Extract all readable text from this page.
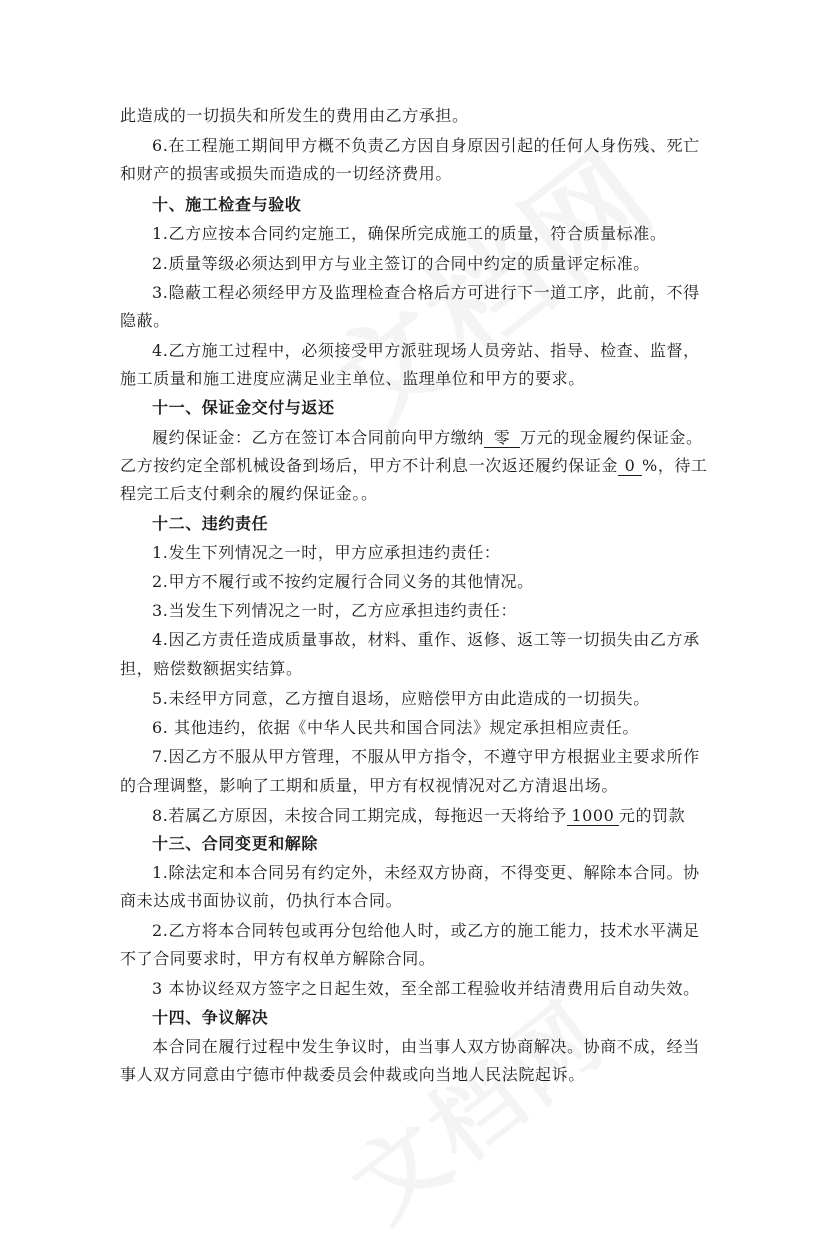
此造成的一切损失和所发生的费用由乙方承担。
6.在工程施工期间甲方概不负责乙方因自身原因引起的任何人身伤残、死亡
和财产的损害或损失而造成的一切经济费用。
十、施工检查与验收
1.乙方应按本合同约定施工，确保所完成施工的质量，符合质量标准。
2.质量等级必须达到甲方与业主签订的合同中约定的质量评定标准。
3.隐蔽工程必须经甲方及监理检查合格后方可进行下一道工序，此前，不得
隐蔽。
4.乙方施工过程中，必须接受甲方派驻现场人员旁站、指导、检查、监督，
施工质量和施工进度应满足业主单位、监理单位和甲方的要求。
十一、保证金交付与返还
履约保证金：乙方在签订本合同前向甲方缴纳 零 万元的现金履约保证金。
乙方按约定全部机械设备到场后，甲方不计利息一次返还履约保证金 0 %，待工
程完工后支付剩余的履约保证金。。
十二、违约责任
1.发生下列情况之一时，甲方应承担违约责任：
2.甲方不履行或不按约定履行合同义务的其他情况。
3.当发生下列情况之一时，乙方应承担违约责任：
4.因乙方责任造成质量事故，材料、重作、返修、返工等一切损失由乙方承
担，赔偿数额据实结算。
5.未经甲方同意，乙方擅自退场，应赔偿甲方由此造成的一切损失。
6. 其他违约，依据《中华人民共和国合同法》规定承担相应责任。
7.因乙方不服从甲方管理，不服从甲方指令，不遵守甲方根据业主要求所作
的合理调整，影响了工期和质量，甲方有权视情况对乙方清退出场。
8.若属乙方原因，未按合同工期完成，每拖迟一天将给予 1000 元的罚款
十三、合同变更和解除
1.除法定和本合同另有约定外，未经双方协商，不得变更、解除本合同。协
商未达成书面协议前，仍执行本合同。
2.乙方将本合同转包或再分包给他人时，或乙方的施工能力，技术水平满足
不了合同要求时，甲方有权单方解除合同。
3 本协议经双方签字之日起生效，至全部工程验收并结清费用后自动失效。
十四、争议解决
本合同在履行过程中发生争议时，由当事人双方协商解决。协商不成，经当
事人双方同意由宁德市仲裁委员会仲裁或向当地人民法院起诉。
